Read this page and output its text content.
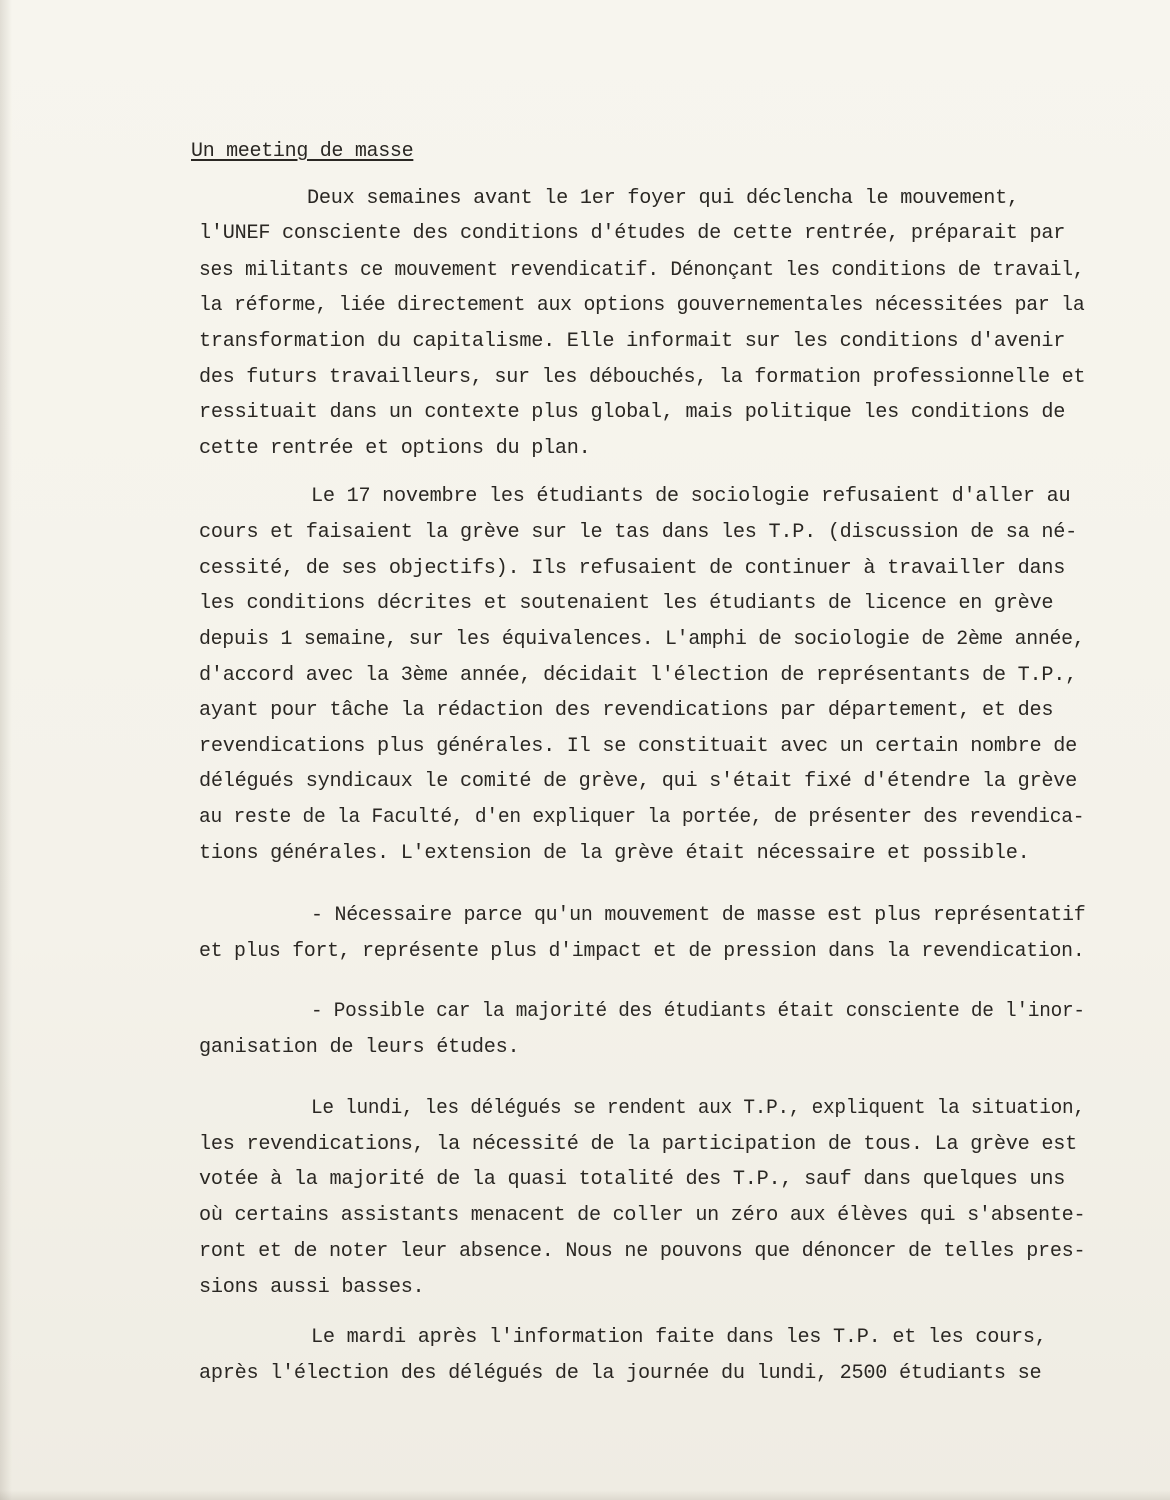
Un meeting de masse
Deux semaines avant le 1er foyer qui déclencha le mouvement,
l'UNEF consciente des conditions d'études de cette rentrée, préparait par
ses militants ce mouvement revendicatif. Dénonçant les conditions de travail,
la réforme, liée directement aux options gouvernementales nécessitées par la
transformation du capitalisme. Elle informait sur les conditions d'avenir
des futurs travailleurs, sur les débouchés, la formation professionnelle et
ressituait dans un contexte plus global, mais politique les conditions de
cette rentrée et options du plan.
Le 17 novembre les étudiants de sociologie refusaient d'aller au
cours et faisaient la grève sur le tas dans les T.P. (discussion de sa né-
cessité, de ses objectifs). Ils refusaient de continuer à travailler dans
les conditions décrites et soutenaient les étudiants de licence en grève
depuis 1 semaine, sur les équivalences. L'amphi de sociologie de 2ème année,
d'accord avec la 3ème année, décidait l'élection de représentants de T.P.,
ayant pour tâche la rédaction des revendications par département, et des
revendications plus générales. Il se constituait avec un certain nombre de
délégués syndicaux le comité de grève, qui s'était fixé d'étendre la grève
au reste de la Faculté, d'en expliquer la portée, de présenter des revendica-
tions générales. L'extension de la grève était nécessaire et possible.
- Nécessaire parce qu'un mouvement de masse est plus représentatif
et plus fort, représente plus d'impact et de pression dans la revendication.
- Possible car la majorité des étudiants était consciente de l'inor-
ganisation de leurs études.
Le lundi, les délégués se rendent aux T.P., expliquent la situation,
les revendications, la nécessité de la participation de tous. La grève est
votée à la majorité de la quasi totalité des T.P., sauf dans quelques uns
où certains assistants menacent de coller un zéro aux élèves qui s'absente-
ront et de noter leur absence. Nous ne pouvons que dénoncer de telles pres-
sions aussi basses.
Le mardi après l'information faite dans les T.P. et les cours,
après l'élection des délégués de la journée du lundi, 2500 étudiants se
